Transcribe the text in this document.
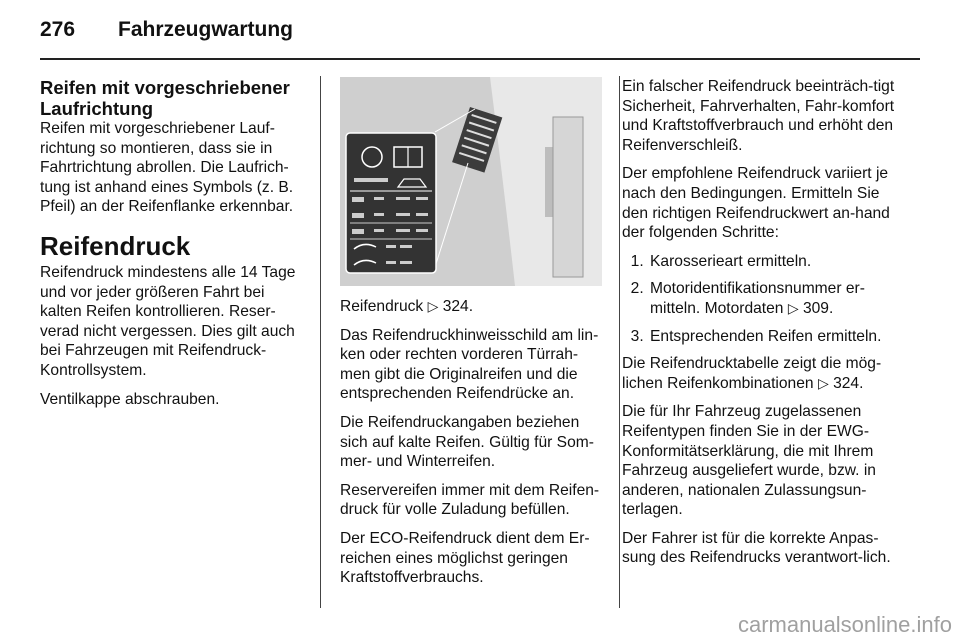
276 Fahrzeugwartung
Reifen mit vorgeschriebener Laufrichtung

Reifen mit vorgeschriebener Lauf-richtung so montieren, dass sie in Fahrtrichtung abrollen. Die Laufrich-tung ist anhand eines Symbols (z. B. Pfeil) an der Reifenflanke erkennbar.

Reifendruck

Reifendruck mindestens alle 14 Tage und vor jeder größeren Fahrt bei kalten Reifen kontrollieren. Reser-verad nicht vergessen. Dies gilt auch bei Fahrzeugen mit Reifendruck-Kontrollsystem.

Ventilkappe abschrauben.

Reifendruck ▷ 324.

Das Reifendruckhinweisschild am lin-ken oder rechten vorderen Türrah-men gibt die Originalreifen und die entsprechenden Reifendrücke an.

Die Reifendruckangaben beziehen sich auf kalte Reifen. Gültig für Som-mer- und Winterreifen.

Reservereifen immer mit dem Reifen-druck für volle Zuladung befüllen.

Der ECO-Reifendruck dient dem Er-reichen eines möglichst geringen Kraftstoffverbrauchs.

Ein falscher Reifendruck beeinträch-tigt Sicherheit, Fahrverhalten, Fahr-komfort und Kraftstoffverbrauch und erhöht den Reifenverschleiß.

Der empfohlene Reifendruck variiert je nach den Bedingungen. Ermitteln Sie den richtigen Reifendruckwert an-hand der folgenden Schritte:

1. Karosserieart ermitteln.
2. Motoridentifikationsnummer er-mitteln. Motordaten ▷ 309.
3. Entsprechenden Reifen ermitteln.

Die Reifendrucktabelle zeigt die mög-lichen Reifenkombinationen ▷ 324.

Die für Ihr Fahrzeug zugelassenen Reifentypen finden Sie in der EWG-Konformitätserklärung, die mit Ihrem Fahrzeug ausgeliefert wurde, bzw. in anderen, nationalen Zulassungsun-terlagen.

Der Fahrer ist für die korrekte Anpas-sung des Reifendrucks verantwort-lich.

carmanualsonline.info
